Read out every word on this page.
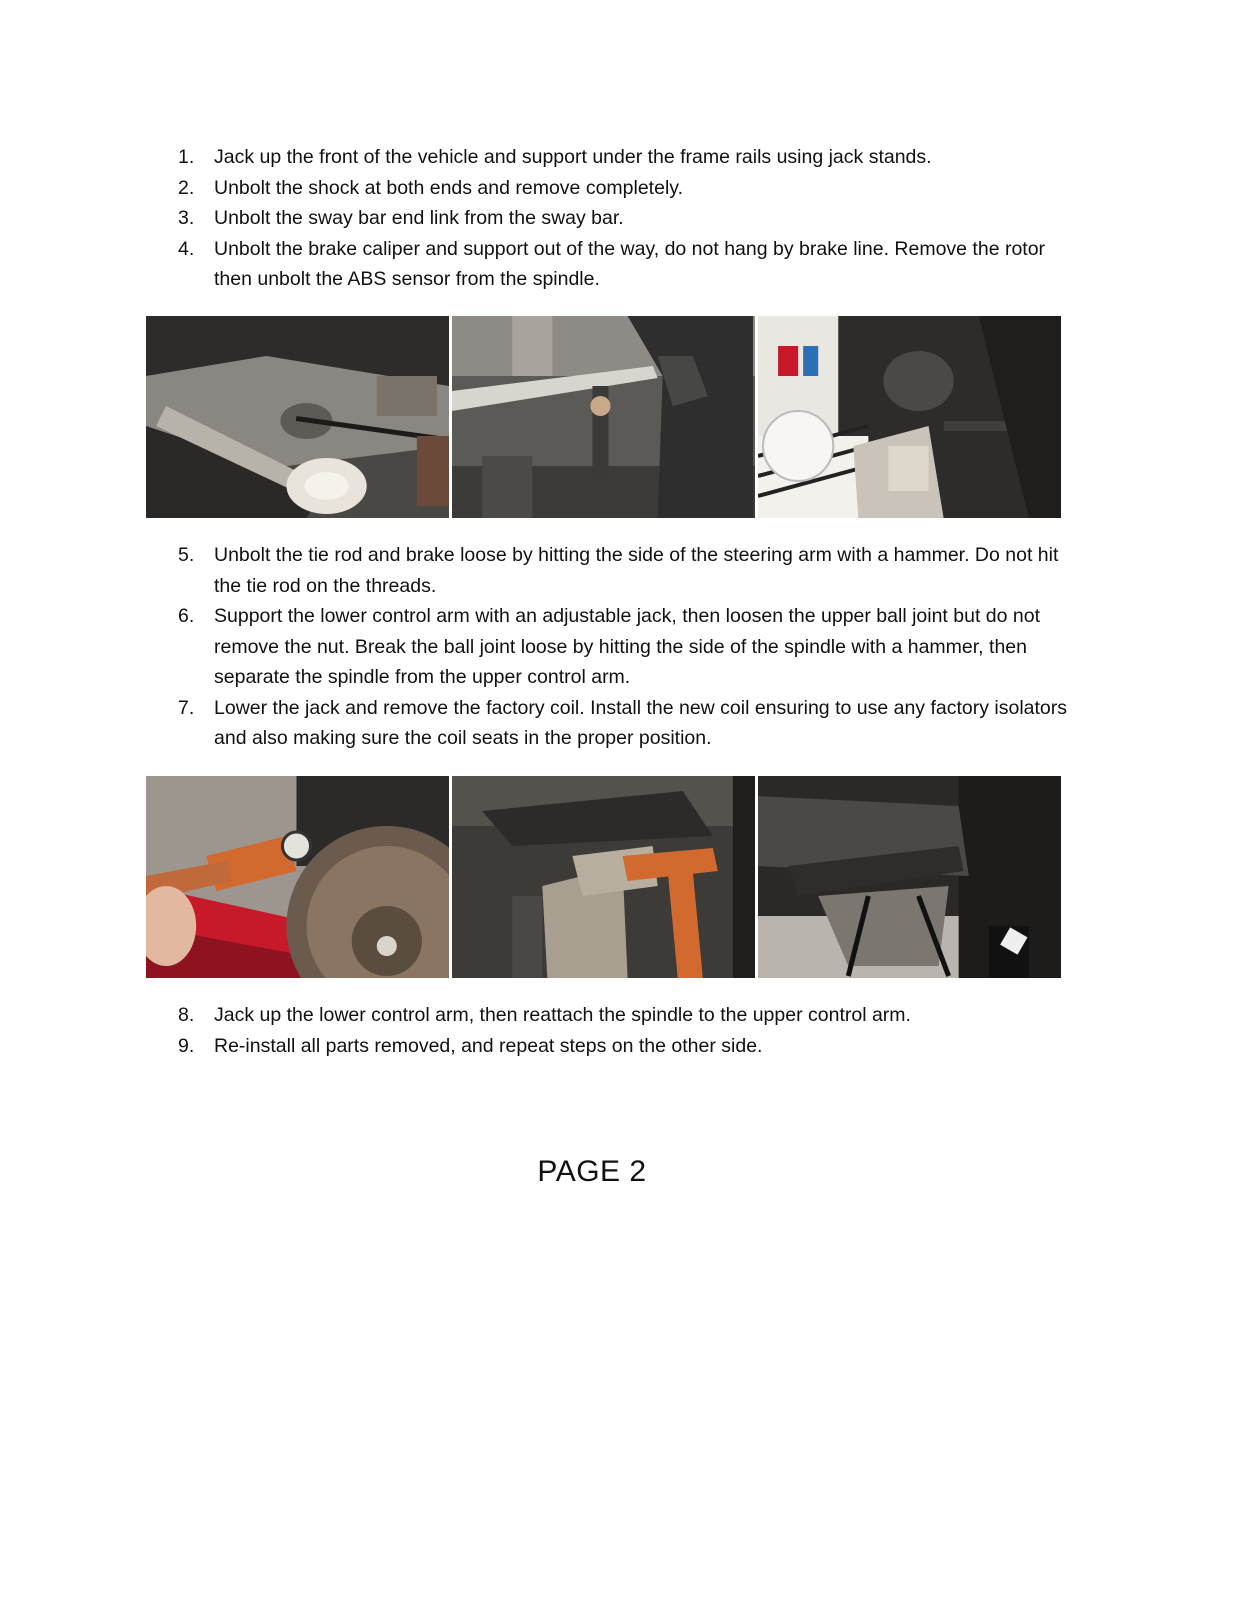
1.	Jack up the front of the vehicle and support under the frame rails using jack stands.
2.	Unbolt the shock at both ends and remove completely.
3.	Unbolt the sway bar end link from the sway bar.
4.	Unbolt the brake caliper and support out of the way, do not hang by brake line. Remove the rotor then unbolt the ABS sensor from the spindle.
5.	Unbolt the tie rod and brake loose by hitting the side of the steering arm with a hammer. Do not hit the tie rod on the threads.
6.	Support the lower control arm with an adjustable jack, then loosen the upper ball joint but do not remove the nut. Break the ball joint loose by hitting the side of the spindle with a hammer, then separate the spindle from the upper control arm.
7.	Lower the jack and remove the factory coil. Install the new coil ensuring to use any factory isolators and also making sure the coil seats in the proper position.
8.	Jack up the lower control arm, then reattach the spindle to the upper control arm.
9.	Re-install all parts removed, and repeat steps on the other side.
PAGE 2
